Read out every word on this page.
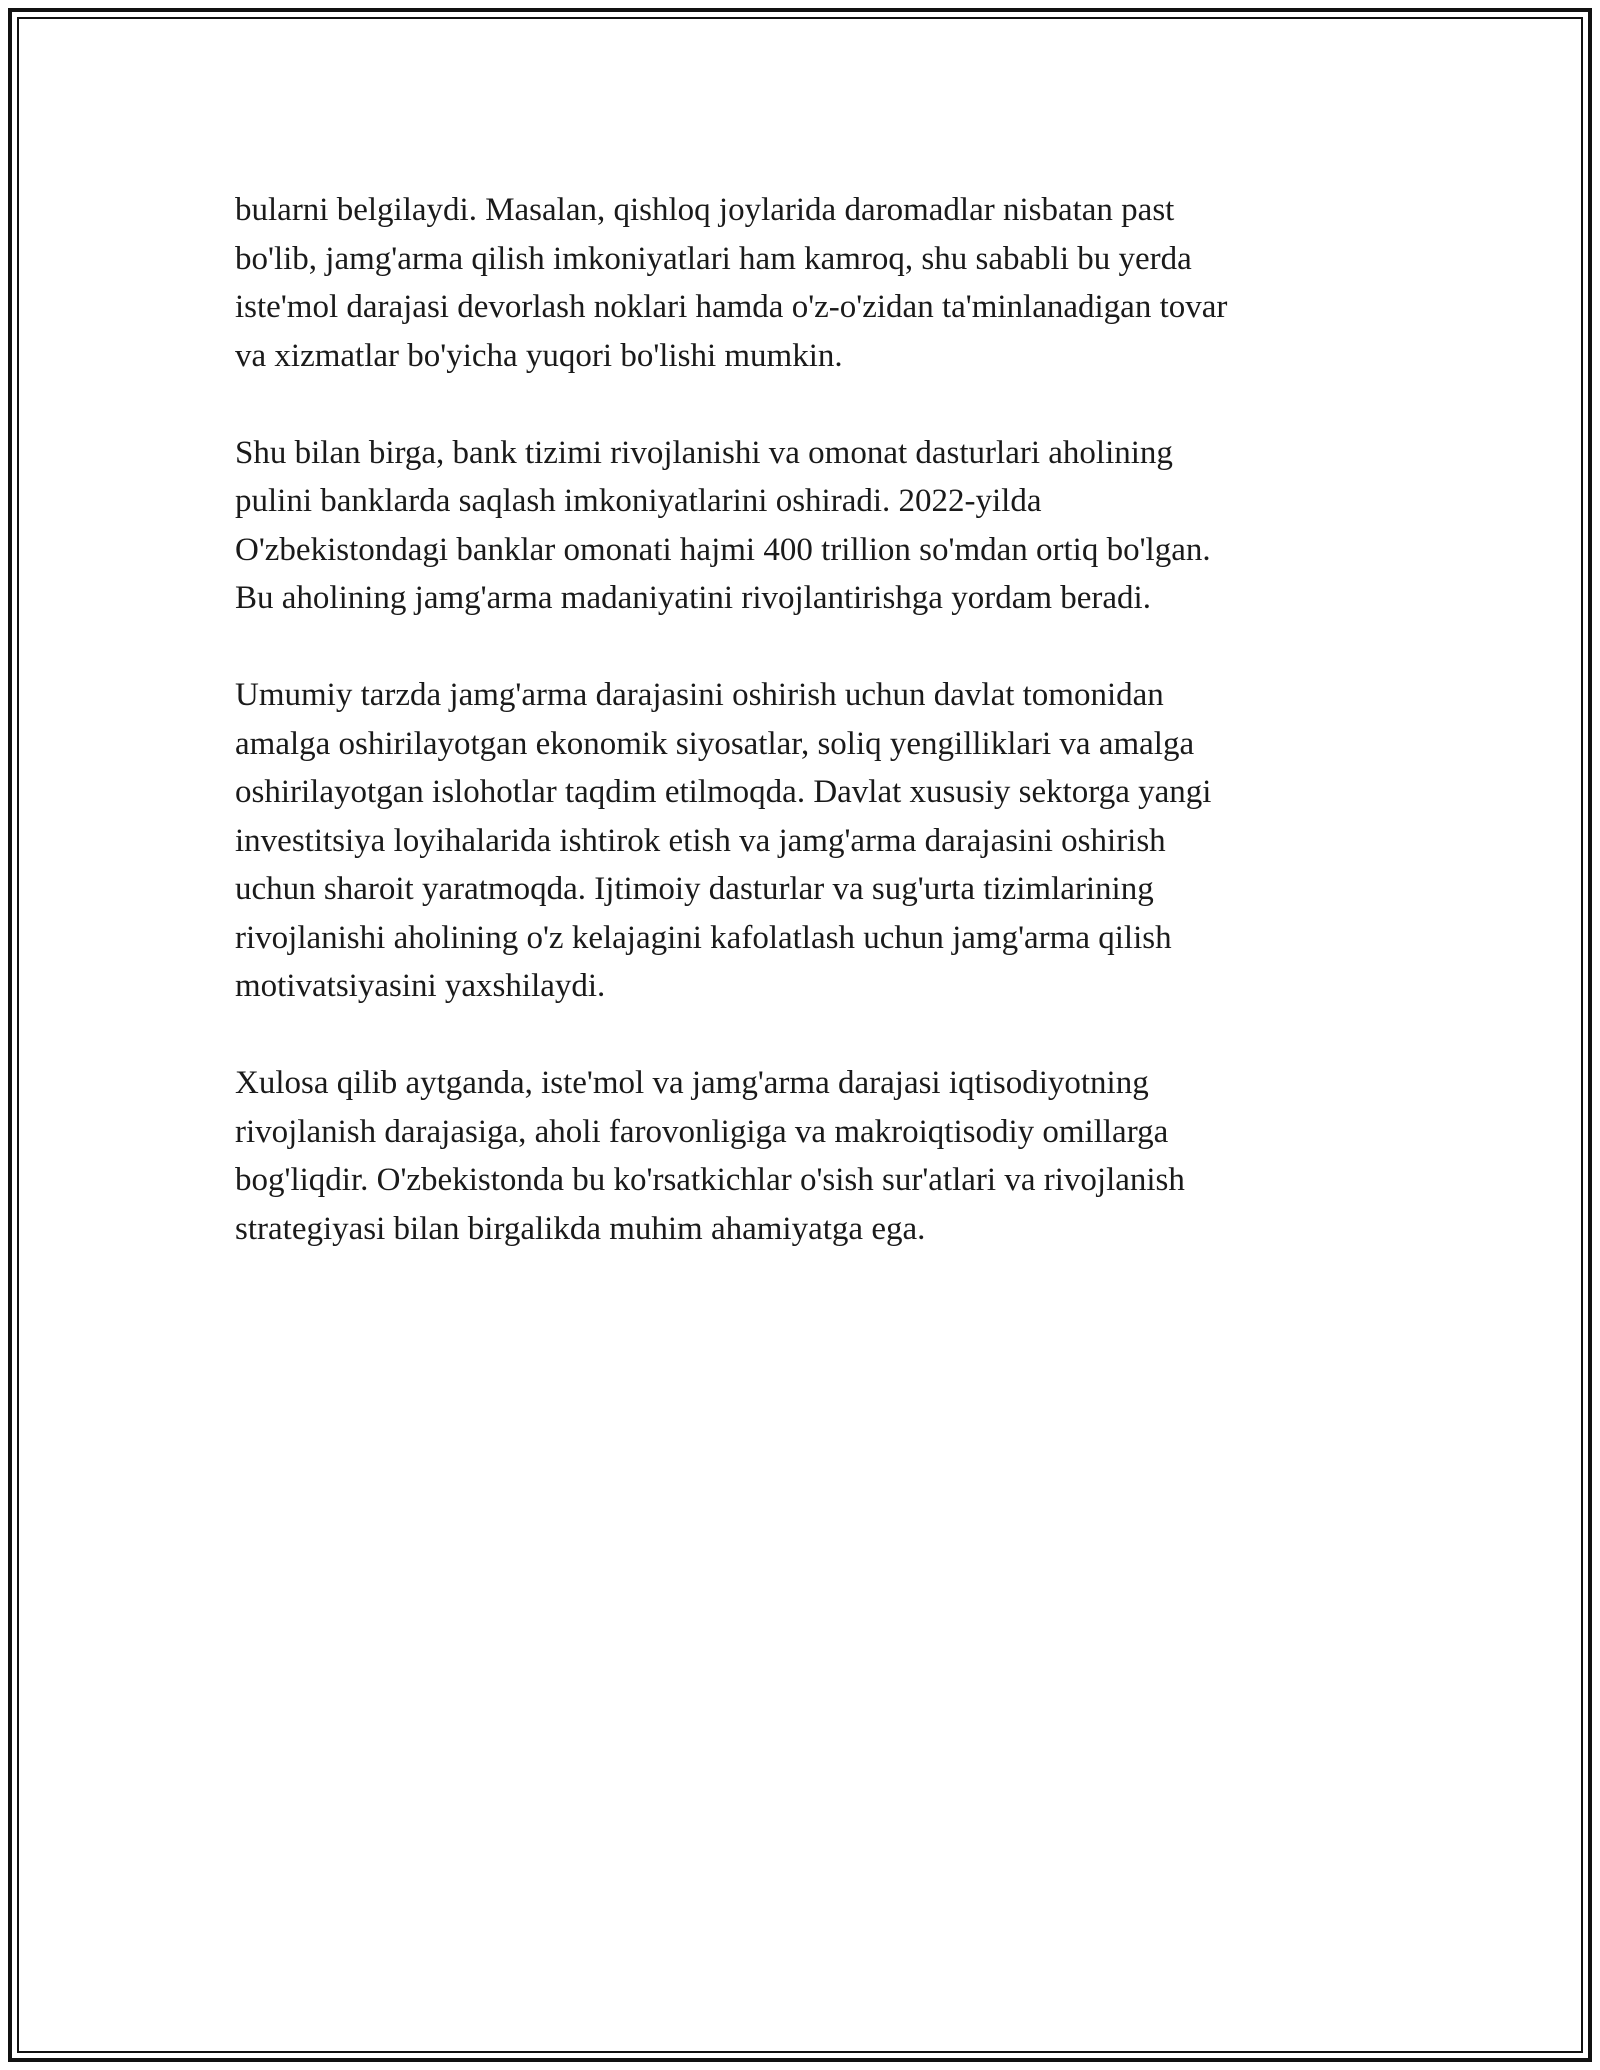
bularni belgilaydi. Masalan, qishloq joylarida daromadlar nisbatan past
bo'lib, jamg'arma qilish imkoniyatlari ham kamroq, shu sababli bu yerda
iste'mol darajasi devorlash noklari hamda o'z-o'zidan ta'minlanadigan tovar
va xizmatlar bo'yicha yuqori bo'lishi mumkin.

Shu bilan birga, bank tizimi rivojlanishi va omonat dasturlari aholining
pulini banklarda saqlash imkoniyatlarini oshiradi. 2022-yilda
O'zbekistondagi banklar omonati hajmi 400 trillion so'mdan ortiq bo'lgan.
Bu aholining jamg'arma madaniyatini rivojlantirishga yordam beradi.

Umumiy tarzda jamg'arma darajasini oshirish uchun davlat tomonidan
amalga oshirilayotgan ekonomik siyosatlar, soliq yengilliklari va amalga
oshirilayotgan islohotlar taqdim etilmoqda. Davlat xususiy sektorga yangi
investitsiya loyihalarida ishtirok etish va jamg'arma darajasini oshirish
uchun sharoit yaratmoqda. Ijtimoiy dasturlar va sug'urta tizimlarining
rivojlanishi aholining o'z kelajagini kafolatlash uchun jamg'arma qilish
motivatsiyasini yaxshilaydi.

Xulosa qilib aytganda, iste'mol va jamg'arma darajasi iqtisodiyotning
rivojlanish darajasiga, aholi farovonligiga va makroiqtisodiy omillarga
bog'liqdir. O'zbekistonda bu ko'rsatkichlar o'sish sur'atlari va rivojlanish
strategiyasi bilan birgalikda muhim ahamiyatga ega.
